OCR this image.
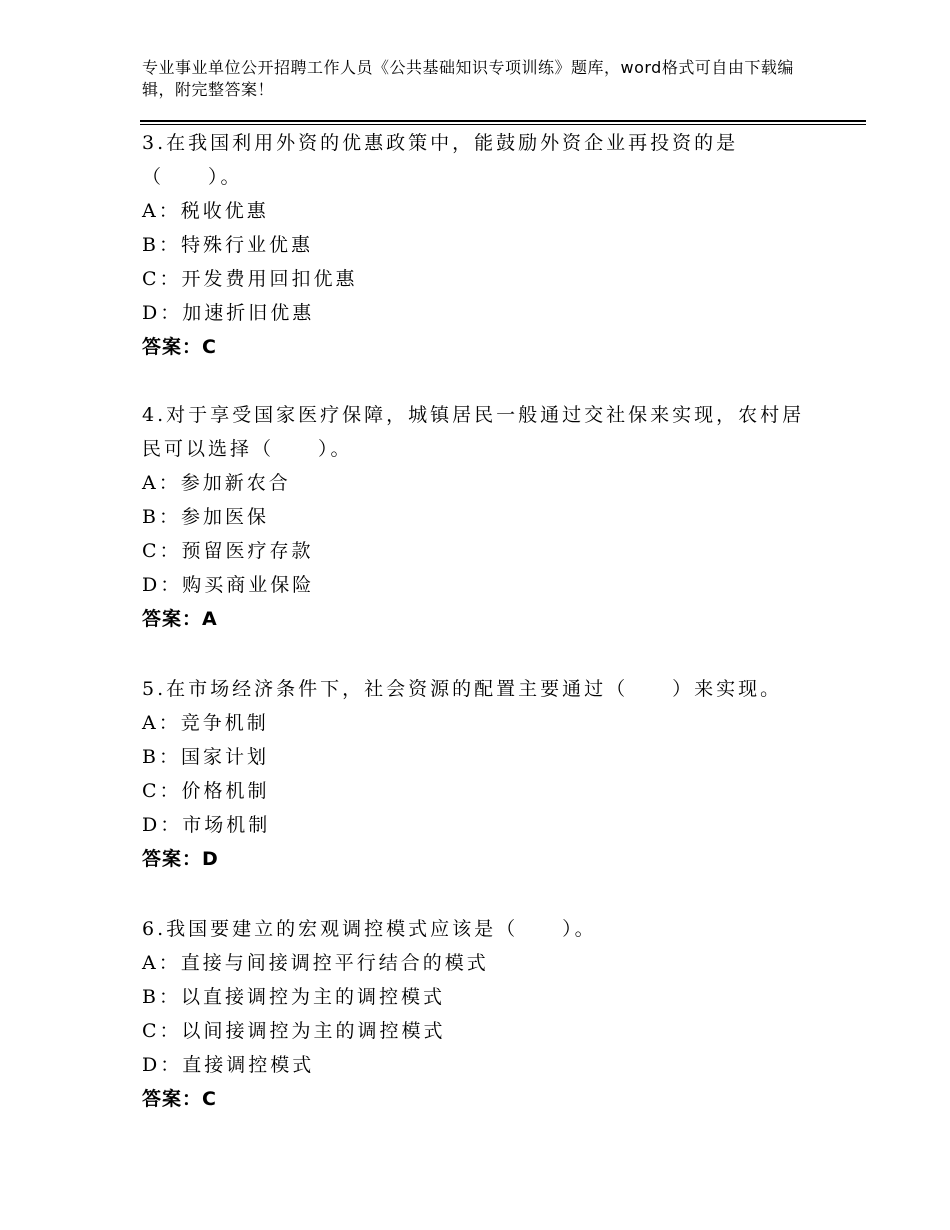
专业事业单位公开招聘工作人员《公共基础知识专项训练》题库，word格式可自由下载编辑，附完整答案！
3.在我国利用外资的优惠政策中，能鼓励外资企业再投资的是（　　）。
A：税收优惠
B：特殊行业优惠
C：开发费用回扣优惠
D：加速折旧优惠
答案：C
4.对于享受国家医疗保障，城镇居民一般通过交社保来实现，农村居民可以选择（　　）。
A：参加新农合
B：参加医保
C：预留医疗存款
D：购买商业保险
答案：A
5.在市场经济条件下，社会资源的配置主要通过（　　）来实现。
A：竞争机制
B：国家计划
C：价格机制
D：市场机制
答案：D
6.我国要建立的宏观调控模式应该是（　　）。
A：直接与间接调控平行结合的模式
B：以直接调控为主的调控模式
C：以间接调控为主的调控模式
D：直接调控模式
答案：C
